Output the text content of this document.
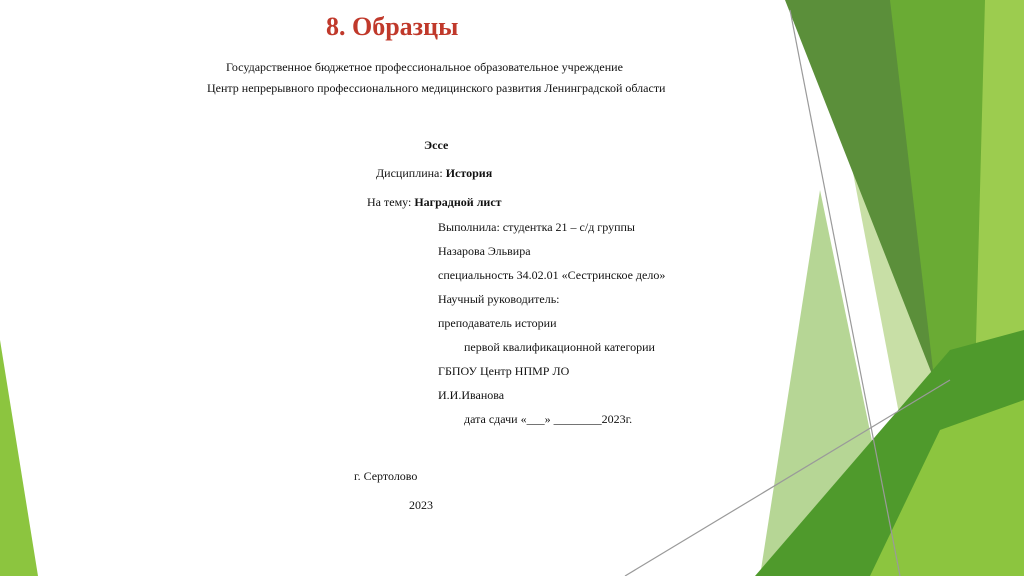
8. Образцы
Государственное бюджетное профессиональное образовательное учреждение
Центр непрерывного профессионального медицинского развития Ленинградской области
Эссе
Дисциплина: История
На тему: Наградной лист
Выполнила: студентка 21 – с/д группы
Назарова Эльвира
специальность 34.02.01 «Сестринское дело»
Научный руководитель:
преподаватель истории
первой квалификационной категории
ГБПОУ Центр НПМР ЛО
И.И.Иванова
дата сдачи «___» ________2023г.
г. Сертолово
2023
